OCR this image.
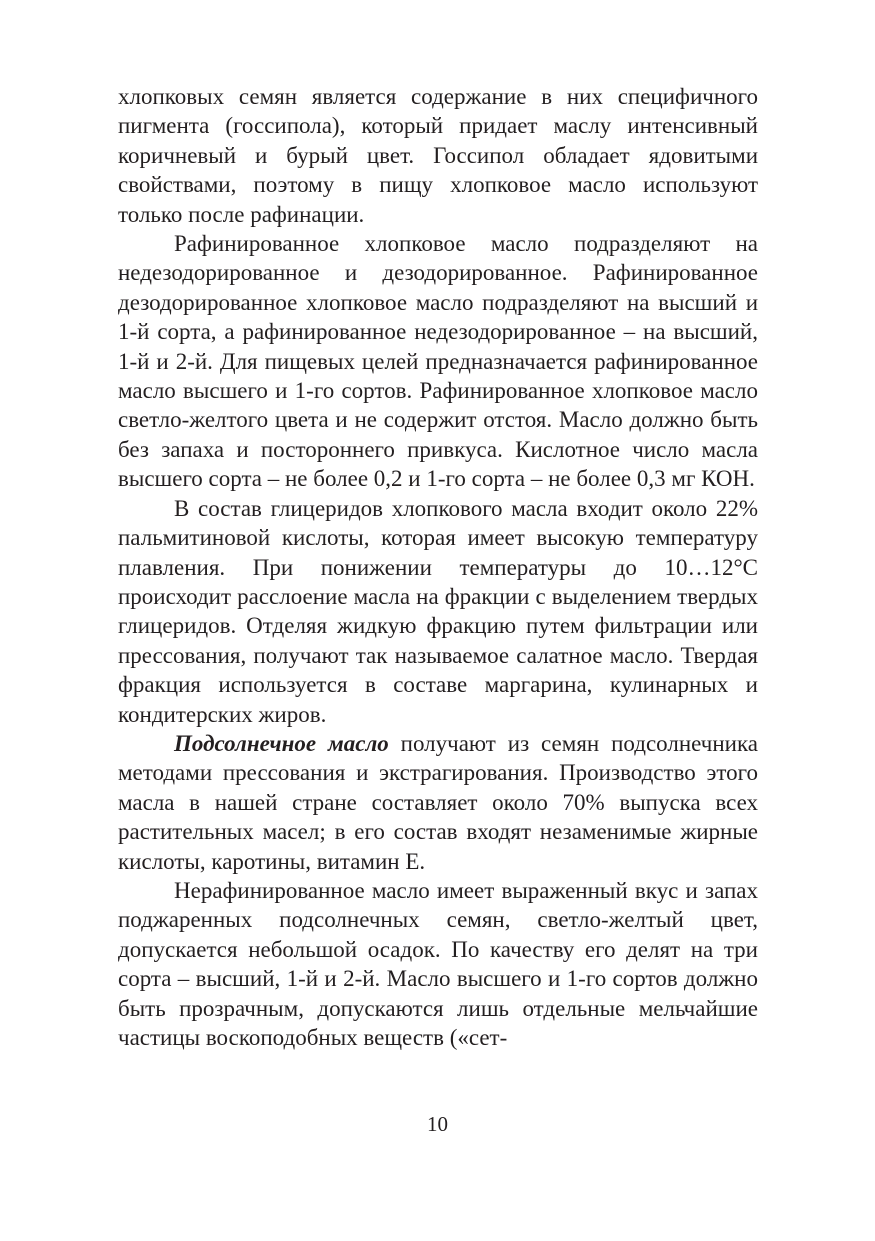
хлопковых семян является содержание в них специфичного пигмента (госсипола), который придает маслу интенсивный коричневый и бурый цвет. Госсипол обладает ядовитыми свойствами, поэтому в пищу хлопковое масло используют только после рафинации.

Рафинированное хлопковое масло подразделяют на недезодорированное и дезодорированное. Рафинированное дезодорированное хлопковое масло подразделяют на высший и 1-й сорта, а рафинированное недезодорированное – на высший, 1-й и 2-й. Для пищевых целей предназначается рафинированное масло высшего и 1-го сортов. Рафинированное хлопковое масло светло-желтого цвета и не содержит отстоя. Масло должно быть без запаха и постороннего привкуса. Кислотное число масла высшего сорта – не более 0,2 и 1-го сорта – не более 0,3 мг КОН.

В состав глицеридов хлопкового масла входит около 22% пальмитиновой кислоты, которая имеет высокую температуру плавления. При понижении температуры до 10…12°С происходит расслоение масла на фракции с выделением твердых глицеридов. Отделяя жидкую фракцию путем фильтрации или прессования, получают так называемое салатное масло. Твердая фракция используется в составе маргарина, кулинарных и кондитерских жиров.

Подсолнечное масло получают из семян подсолнечника методами прессования и экстрагирования. Производство этого масла в нашей стране составляет около 70% выпуска всех растительных масел; в его состав входят незаменимые жирные кислоты, каротины, витамин Е.

Нерафинированное масло имеет выраженный вкус и запах поджаренных подсолнечных семян, светло-желтый цвет, допускается небольшой осадок. По качеству его делят на три сорта – высший, 1-й и 2-й. Масло высшего и 1-го сортов должно быть прозрачным, допускаются лишь отдельные мельчайшие частицы воскоподобных веществ («сет-

10
